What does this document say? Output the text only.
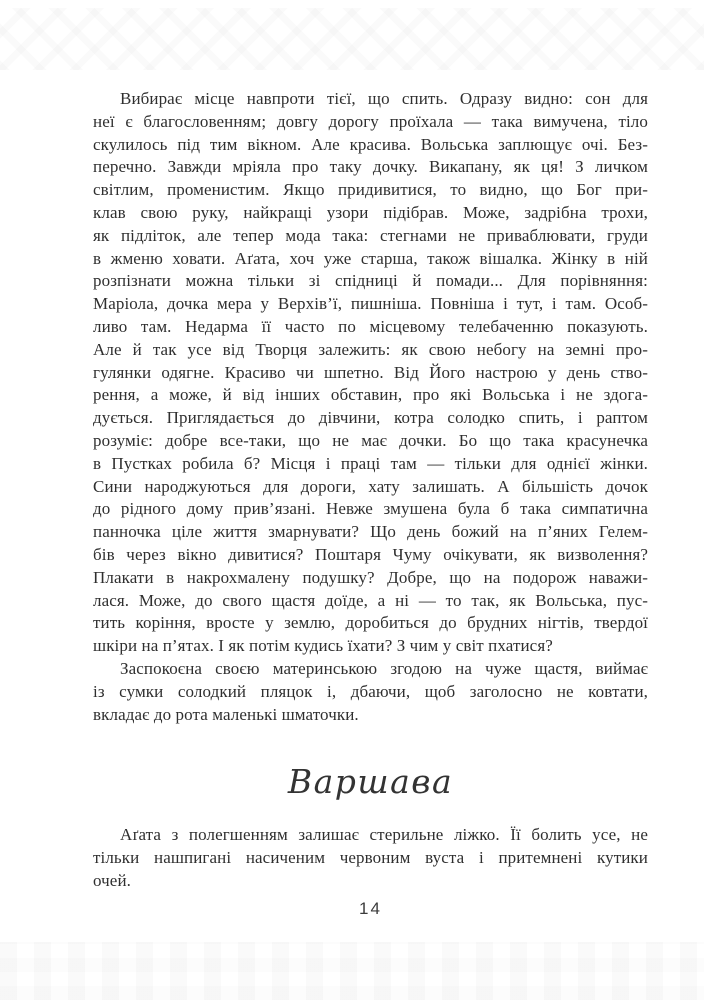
Вибирає місце навпроти тієї, що спить. Одразу видно: сон для
неї є благословенням; довгу дорогу проїхала — така вимучена, тіло
скулилось під тим вікном. Але красива. Вольська заплющує очі. Без-
перечно. Завжди мріяла про таку дочку. Викапану, як ця! З личком
світлим, променистим. Якщо придивитися, то видно, що Бог при-
клав свою руку, найкращі узори підібрав. Може, задрібна трохи,
як підліток, але тепер мода така: стегнами не приваблювати, груди
в жменю ховати. Аґата, хоч уже старша, також вішалка. Жінку в ній
розпізнати можна тільки зі спідниці й помади... Для порівняння:
Маріола, дочка мера у Верхів’ї, пишніша. Повніша і тут, і там. Особ-
ливо там. Недарма її часто по місцевому телебаченню показують.
Але й так усе від Творця залежить: як свою небогу на земні про-
гулянки одягне. Красиво чи шпетно. Від Його настрою у день ство-
рення, а може, й від інших обставин, про які Вольська і не здога-
дується. Приглядається до дівчини, котра солодко спить, і раптом
розуміє: добре все-таки, що не має дочки. Бо що така красунечка
в Пустках робила б? Місця і праці там — тільки для однієї жінки.
Сини народжуються для дороги, хату залишать. А більшість дочок
до рідного дому прив’язані. Невже змушена була б така симпатична
панночка ціле життя змарнувати? Що день божий на п’яних Гелем-
бів через вікно дивитися? Поштаря Чуму очікувати, як визволення?
Плакати в накрохмалену подушку? Добре, що на подорож наважи-
лася. Може, до свого щастя доїде, а ні — то так, як Вольська, пус-
тить коріння, вросте у землю, доробиться до брудних нігтів, твердої
шкіри на п’ятах. І як потім кудись їхати? З чим у світ пхатися?
Заспокоєна своєю материнською згодою на чуже щастя, виймає
із сумки солодкий пляцок і, дбаючи, щоб заголосно не ковтати,
вкладає до рота маленькі шматочки.
Варшава
Аґата з полегшенням залишає стерильне ліжко. Її болить усе, не
тільки нашпигані насиченим червоним вуста і притемнені кутики
очей.
14
